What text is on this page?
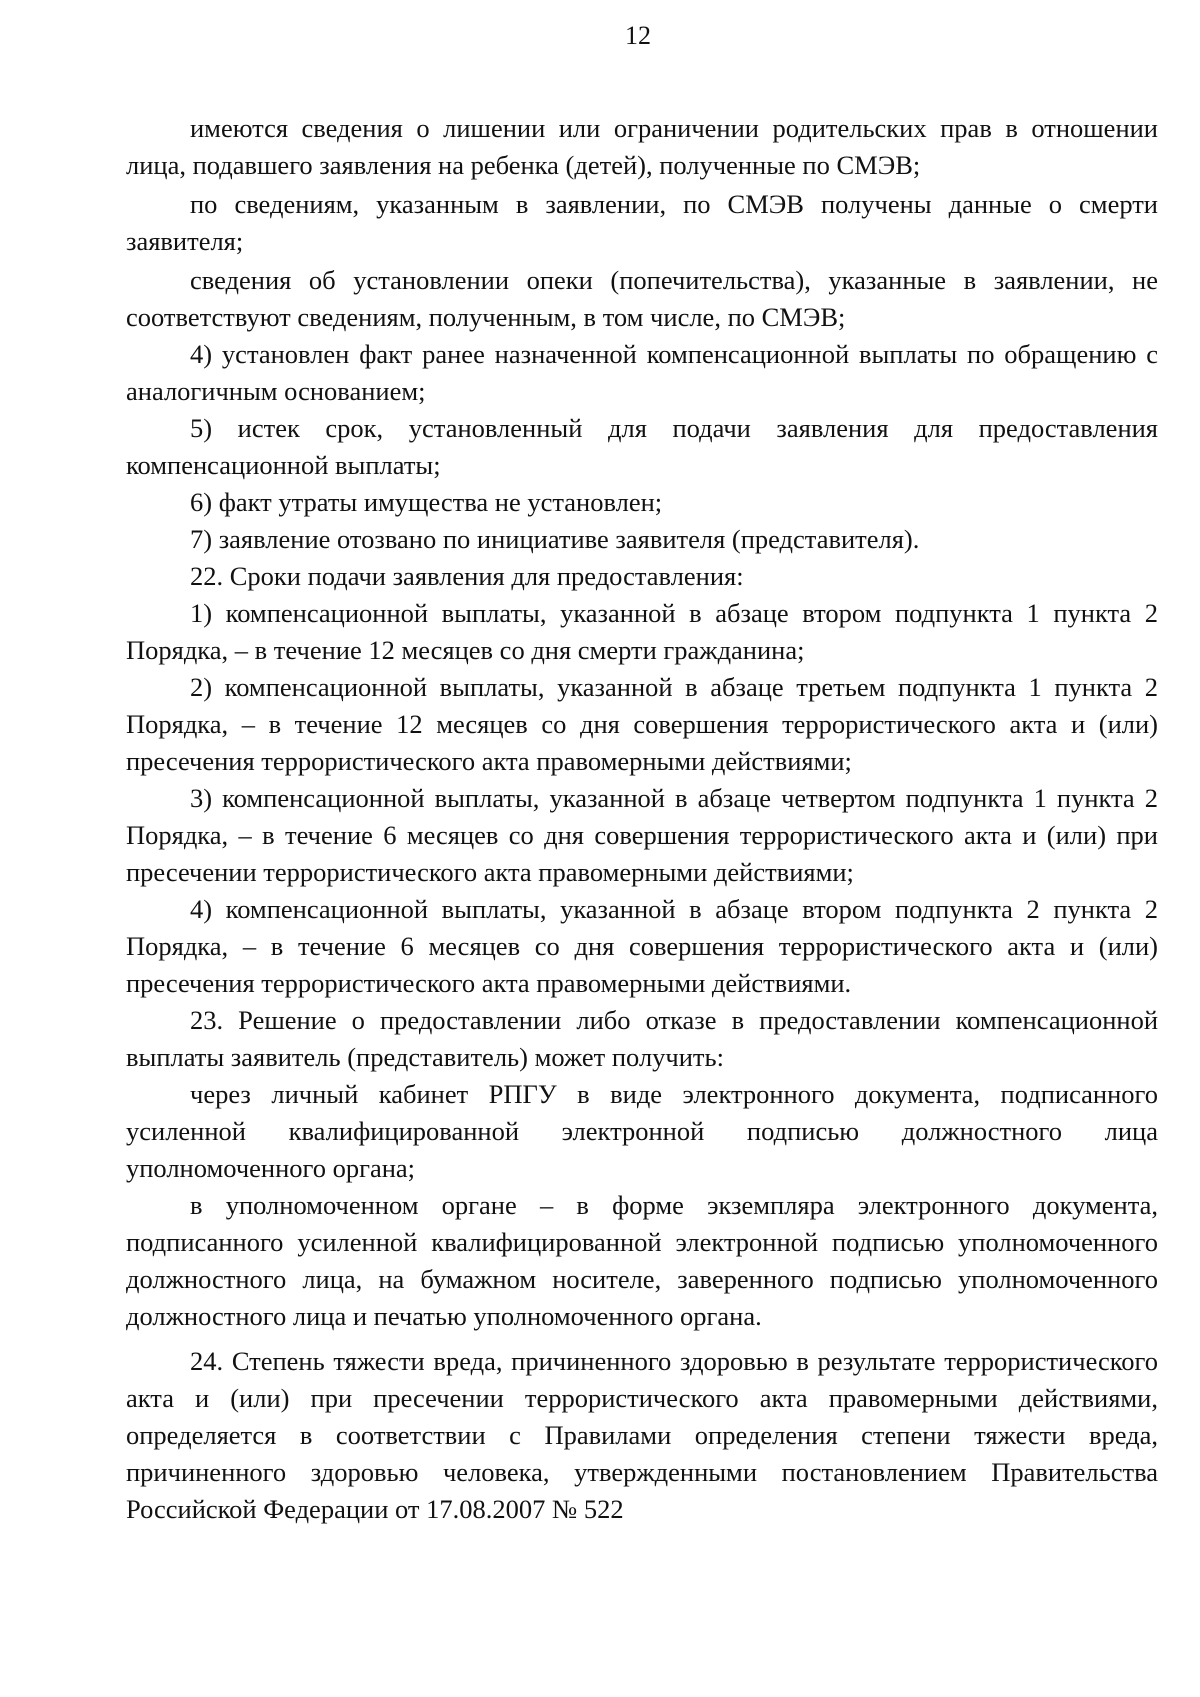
12

имеются сведения о лишении или ограничении родительских прав в отношении лица, подавшего заявления на ребенка (детей), полученные по СМЭВ;

по сведениям, указанным в заявлении, по СМЭВ получены данные о смерти заявителя;

сведения об установлении опеки (попечительства), указанные в заявлении, не соответствуют сведениям, полученным, в том числе, по СМЭВ;

4) установлен факт ранее назначенной компенсационной выплаты по обращению с аналогичным основанием;

5) истек срок, установленный для подачи заявления для предоставления компенсационной выплаты;

6) факт утраты имущества не установлен;

7) заявление отозвано по инициативе заявителя (представителя).

22. Сроки подачи заявления для предоставления:

1) компенсационной выплаты, указанной в абзаце втором подпункта 1 пункта 2 Порядка, – в течение 12 месяцев со дня смерти гражданина;

2) компенсационной выплаты, указанной в абзаце третьем подпункта 1 пункта 2 Порядка, – в течение 12 месяцев со дня совершения террористического акта и (или) пресечения террористического акта правомерными действиями;

3) компенсационной выплаты, указанной в абзаце четвертом подпункта 1 пункта 2 Порядка, – в течение 6 месяцев со дня совершения террористического акта и (или) при пресечении террористического акта правомерными действиями;

4) компенсационной выплаты, указанной в абзаце втором подпункта 2 пункта 2 Порядка, – в течение 6 месяцев со дня совершения террористического акта и (или) пресечения террористического акта правомерными действиями.

23. Решение о предоставлении либо отказе в предоставлении компенсационной выплаты заявитель (представитель) может получить:

через личный кабинет РПГУ в виде электронного документа, подписанного усиленной квалифицированной электронной подписью должностного лица уполномоченного органа;

в уполномоченном органе – в форме экземпляра электронного документа, подписанного усиленной квалифицированной электронной подписью уполномоченного должностного лица, на бумажном носителе, заверенного подписью уполномоченного должностного лица и печатью уполномоченного органа.

24. Степень тяжести вреда, причиненного здоровью в результате террористического акта и (или) при пресечении террористического акта правомерными действиями, определяется в соответствии с Правилами определения степени тяжести вреда, причиненного здоровью человека, утвержденными постановлением Правительства Российской Федерации от 17.08.2007 № 522
